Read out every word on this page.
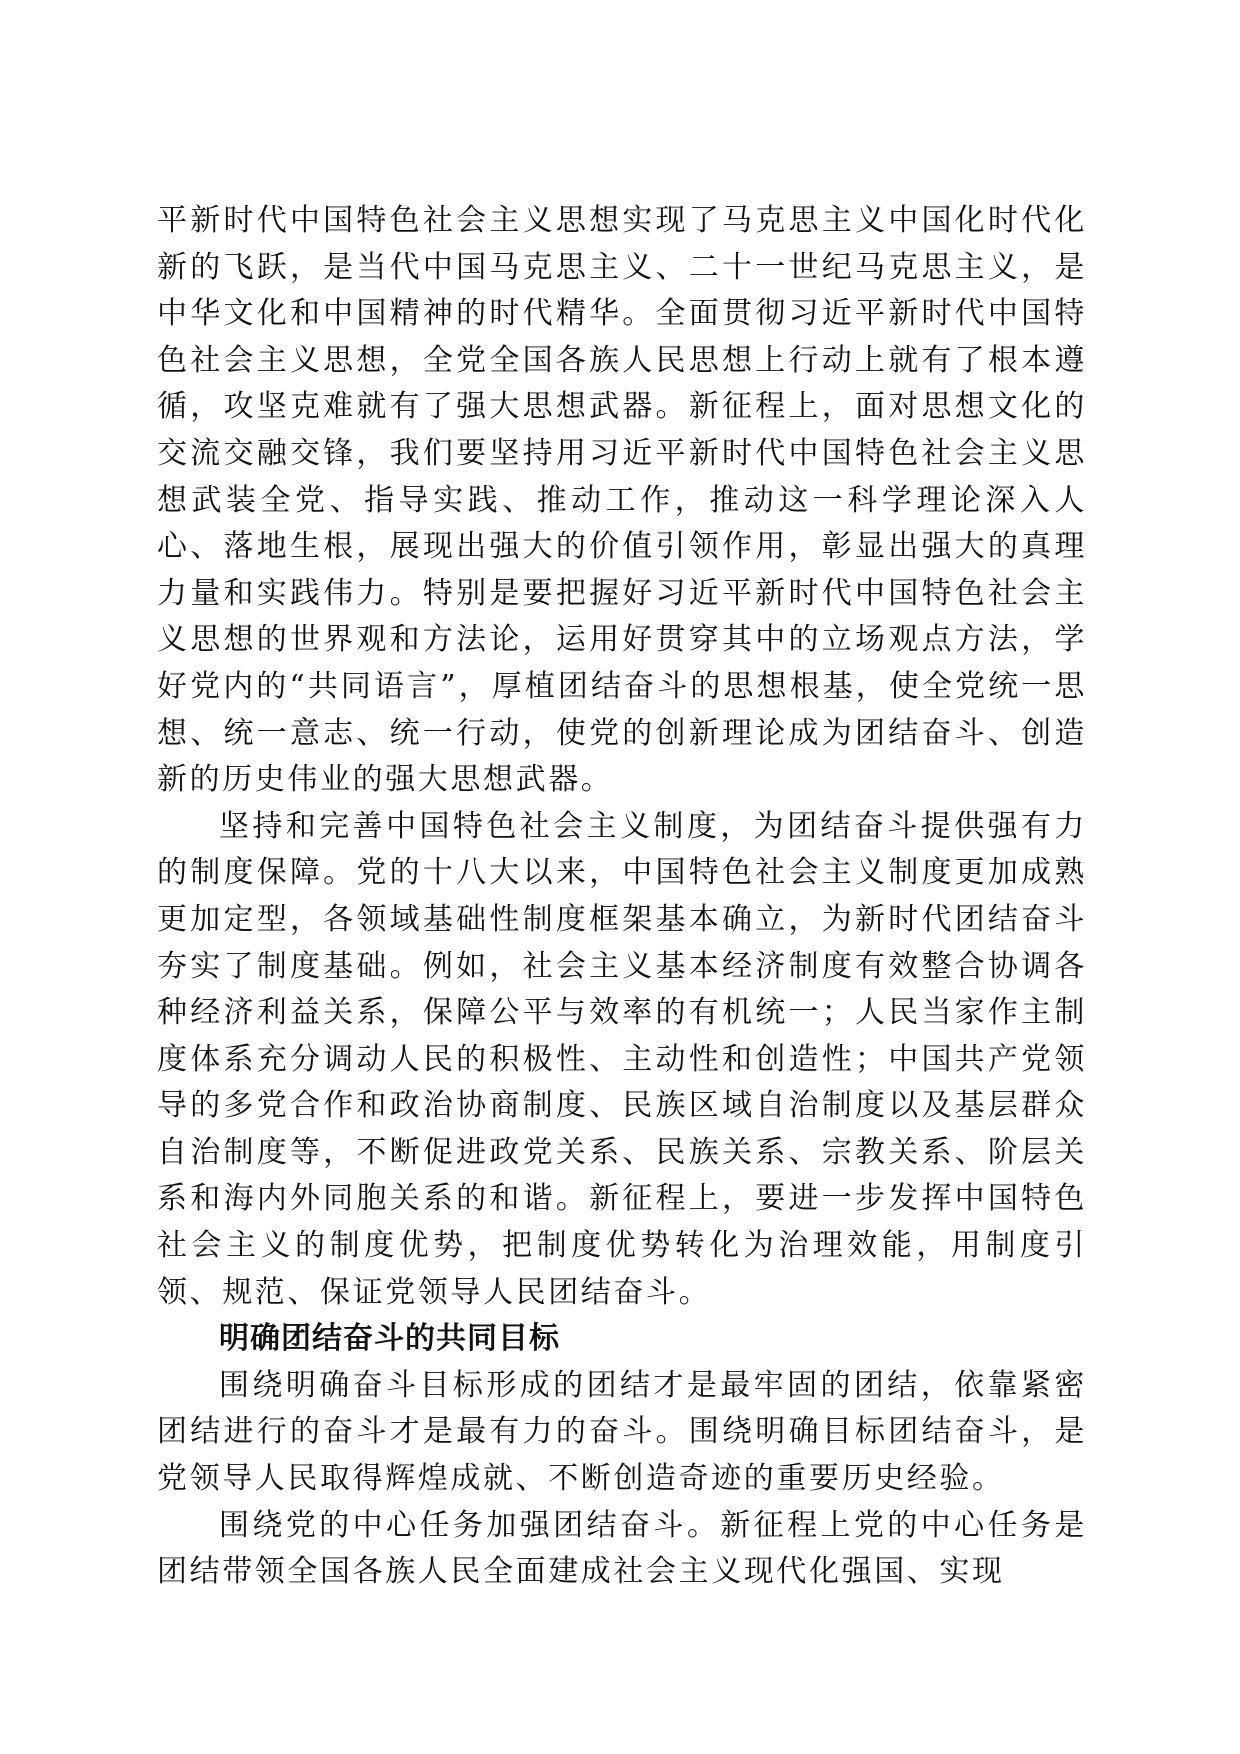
平新时代中国特色社会主义思想实现了马克思主义中国化时代化新的飞跃，是当代中国马克思主义、二十一世纪马克思主义，是中华文化和中国精神的时代精华。全面贯彻习近平新时代中国特色社会主义思想，全党全国各族人民思想上行动上就有了根本遵循，攻坚克难就有了强大思想武器。新征程上，面对思想文化的交流交融交锋，我们要坚持用习近平新时代中国特色社会主义思想武装全党、指导实践、推动工作，推动这一科学理论深入人心、落地生根，展现出强大的价值引领作用，彰显出强大的真理力量和实践伟力。特别是要把握好习近平新时代中国特色社会主义思想的世界观和方法论，运用好贯穿其中的立场观点方法，学好党内的“共同语言”，厚植团结奋斗的思想根基，使全党统一思想、统一意志、统一行动，使党的创新理论成为团结奋斗、创造新的历史伟业的强大思想武器。

坚持和完善中国特色社会主义制度，为团结奋斗提供强有力的制度保障。党的十八大以来，中国特色社会主义制度更加成熟更加定型，各领域基础性制度框架基本确立，为新时代团结奋斗夯实了制度基础。例如，社会主义基本经济制度有效整合协调各种经济利益关系，保障公平与效率的有机统一；人民当家作主制度体系充分调动人民的积极性、主动性和创造性；中国共产党领导的多党合作和政治协商制度、民族区域自治制度以及基层群众自治制度等，不断促进政党关系、民族关系、宗教关系、阶层关系和海内外同胞关系的和谐。新征程上，要进一步发挥中国特色社会主义的制度优势，把制度优势转化为治理效能，用制度引领、规范、保证党领导人民团结奋斗。

明确团结奋斗的共同目标

围绕明确奋斗目标形成的团结才是最牢固的团结，依靠紧密团结进行的奋斗才是最有力的奋斗。围绕明确目标团结奋斗，是党领导人民取得辉煌成就、不断创造奇迹的重要历史经验。

围绕党的中心任务加强团结奋斗。新征程上党的中心任务是团结带领全国各族人民全面建成社会主义现代化强国、实现
